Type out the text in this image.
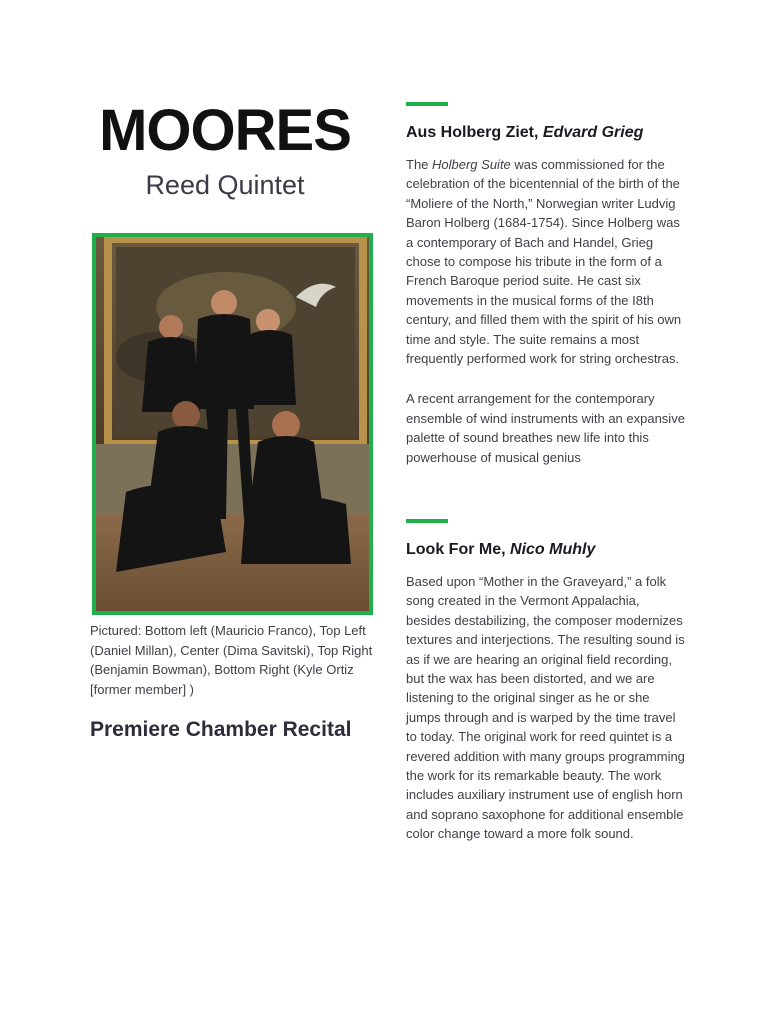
MOORES
Reed Quintet
Pictured: Bottom left (Mauricio Franco), Top Left (Daniel Millan), Center (Dima Savitski), Top Right (Benjamin Bowman), Bottom Right (Kyle Ortiz [former member] )
Premiere Chamber Recital
Aus Holberg Ziet, Edvard Grieg

The Holberg Suite was commissioned for the celebration of the bicentennial of the birth of the “Moliere of the North,” Norwegian writer Ludvig Baron Holberg (1684-1754). Since Holberg was a contemporary of Bach and Handel, Grieg chose to compose his tribute in the form of a French Baroque period suite. He cast six movements in the musical forms of the I8th century, and filled them with the spirit of his own time and style. The suite remains a most frequently performed work for string orchestras.

A recent arrangement for the contemporary ensemble of wind instruments with an expansive palette of sound breathes new life into this powerhouse of musical genius

Look For Me, Nico Muhly

Based upon “Mother in the Graveyard,” a folk song created in the Vermont Appalachia, besides destabilizing, the composer modernizes textures and interjections. The resulting sound is as if we are hearing an original field recording, but the wax has been distorted, and we are listening to the original singer as he or she jumps through and is warped by the time travel to today. The original work for reed quintet is a revered addition with many groups programming the work for its remarkable beauty. The work includes auxiliary instrument use of english horn and soprano saxophone for additional ensemble color change toward a more folk sound.
